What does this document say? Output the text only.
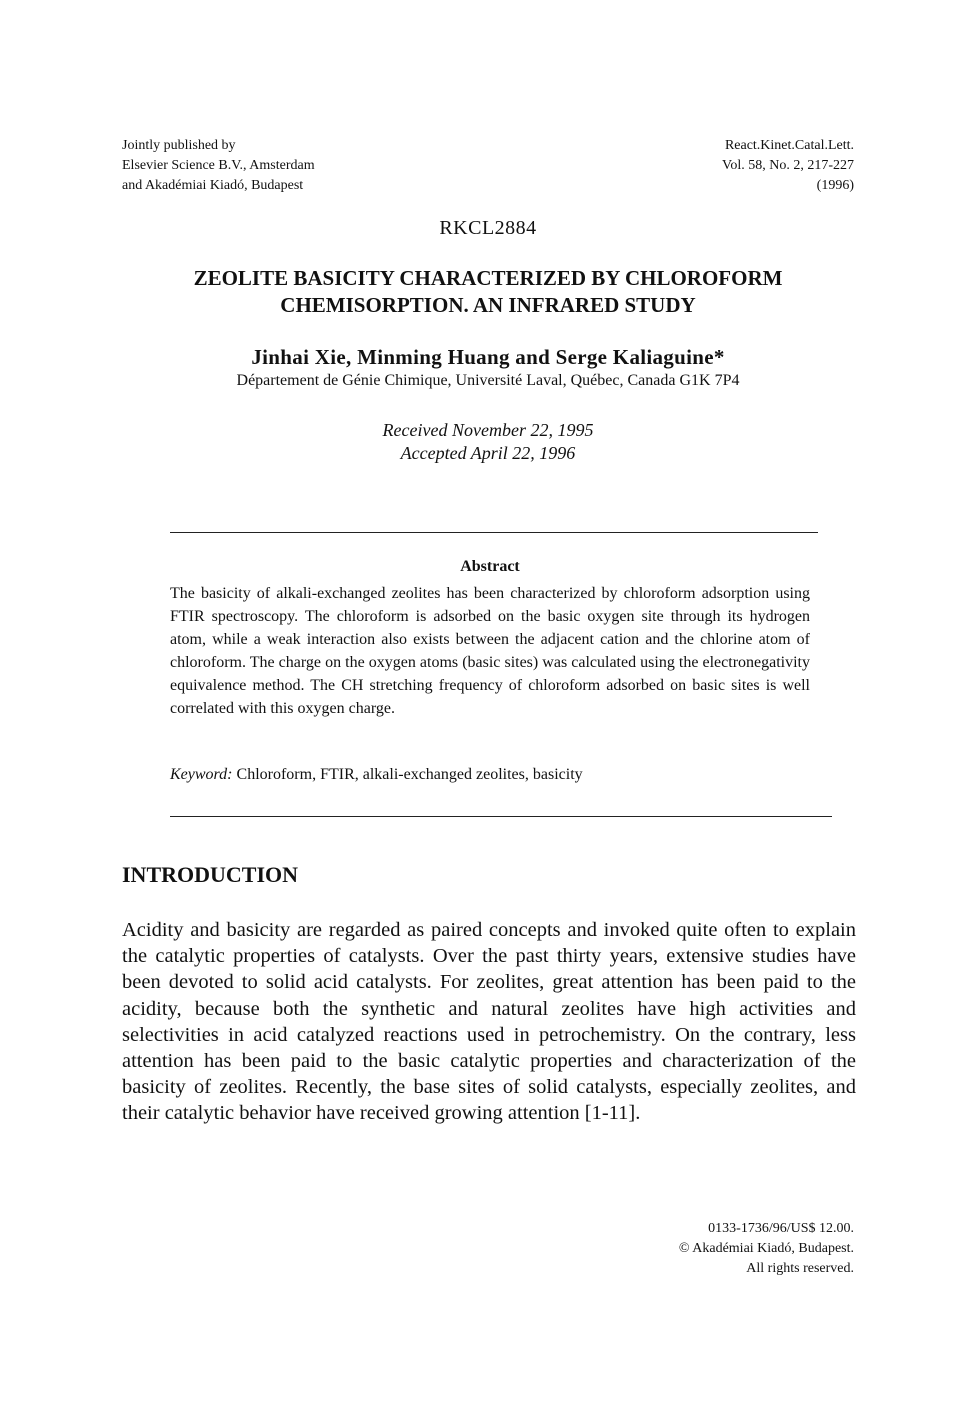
Jointly published by
Elsevier Science B.V., Amsterdam
and Akadémiai Kiadó, Budapest
React.Kinet.Catal.Lett.
Vol. 58, No. 2, 217-227
(1996)
RKCL2884
ZEOLITE BASICITY CHARACTERIZED BY CHLOROFORM
CHEMISORPTION. AN INFRARED STUDY
Jinhai Xie, Minming Huang and Serge Kaliaguine*
Département de Génie Chimique, Université Laval, Québec, Canada G1K 7P4
Received November 22, 1995
Accepted April 22, 1996
Abstract
The basicity of alkali-exchanged zeolites has been characterized by chloroform adsorption using FTIR spectroscopy. The chloroform is adsorbed on the basic oxygen site through its hydrogen atom, while a weak interaction also exists between the adjacent cation and the chlorine atom of chloroform. The charge on the oxygen atoms (basic sites) was calculated using the electronegativity equivalence method. The CH stretching frequency of chloroform adsorbed on basic sites is well correlated with this oxygen charge.
Keyword: Chloroform, FTIR, alkali-exchanged zeolites, basicity
INTRODUCTION
Acidity and basicity are regarded as paired concepts and invoked quite often to explain the catalytic properties of catalysts. Over the past thirty years, extensive studies have been devoted to solid acid catalysts. For zeolites, great attention has been paid to the acidity, because both the synthetic and natural zeolites have high activities and selectivities in acid catalyzed reactions used in petrochemistry. On the contrary, less attention has been paid to the basic catalytic properties and characterization of the basicity of zeolites. Recently, the base sites of solid catalysts, especially zeolites, and their catalytic behavior have received growing attention [1-11].
0133-1736/96/US$ 12.00.
© Akadémiai Kiadó, Budapest.
All rights reserved.
